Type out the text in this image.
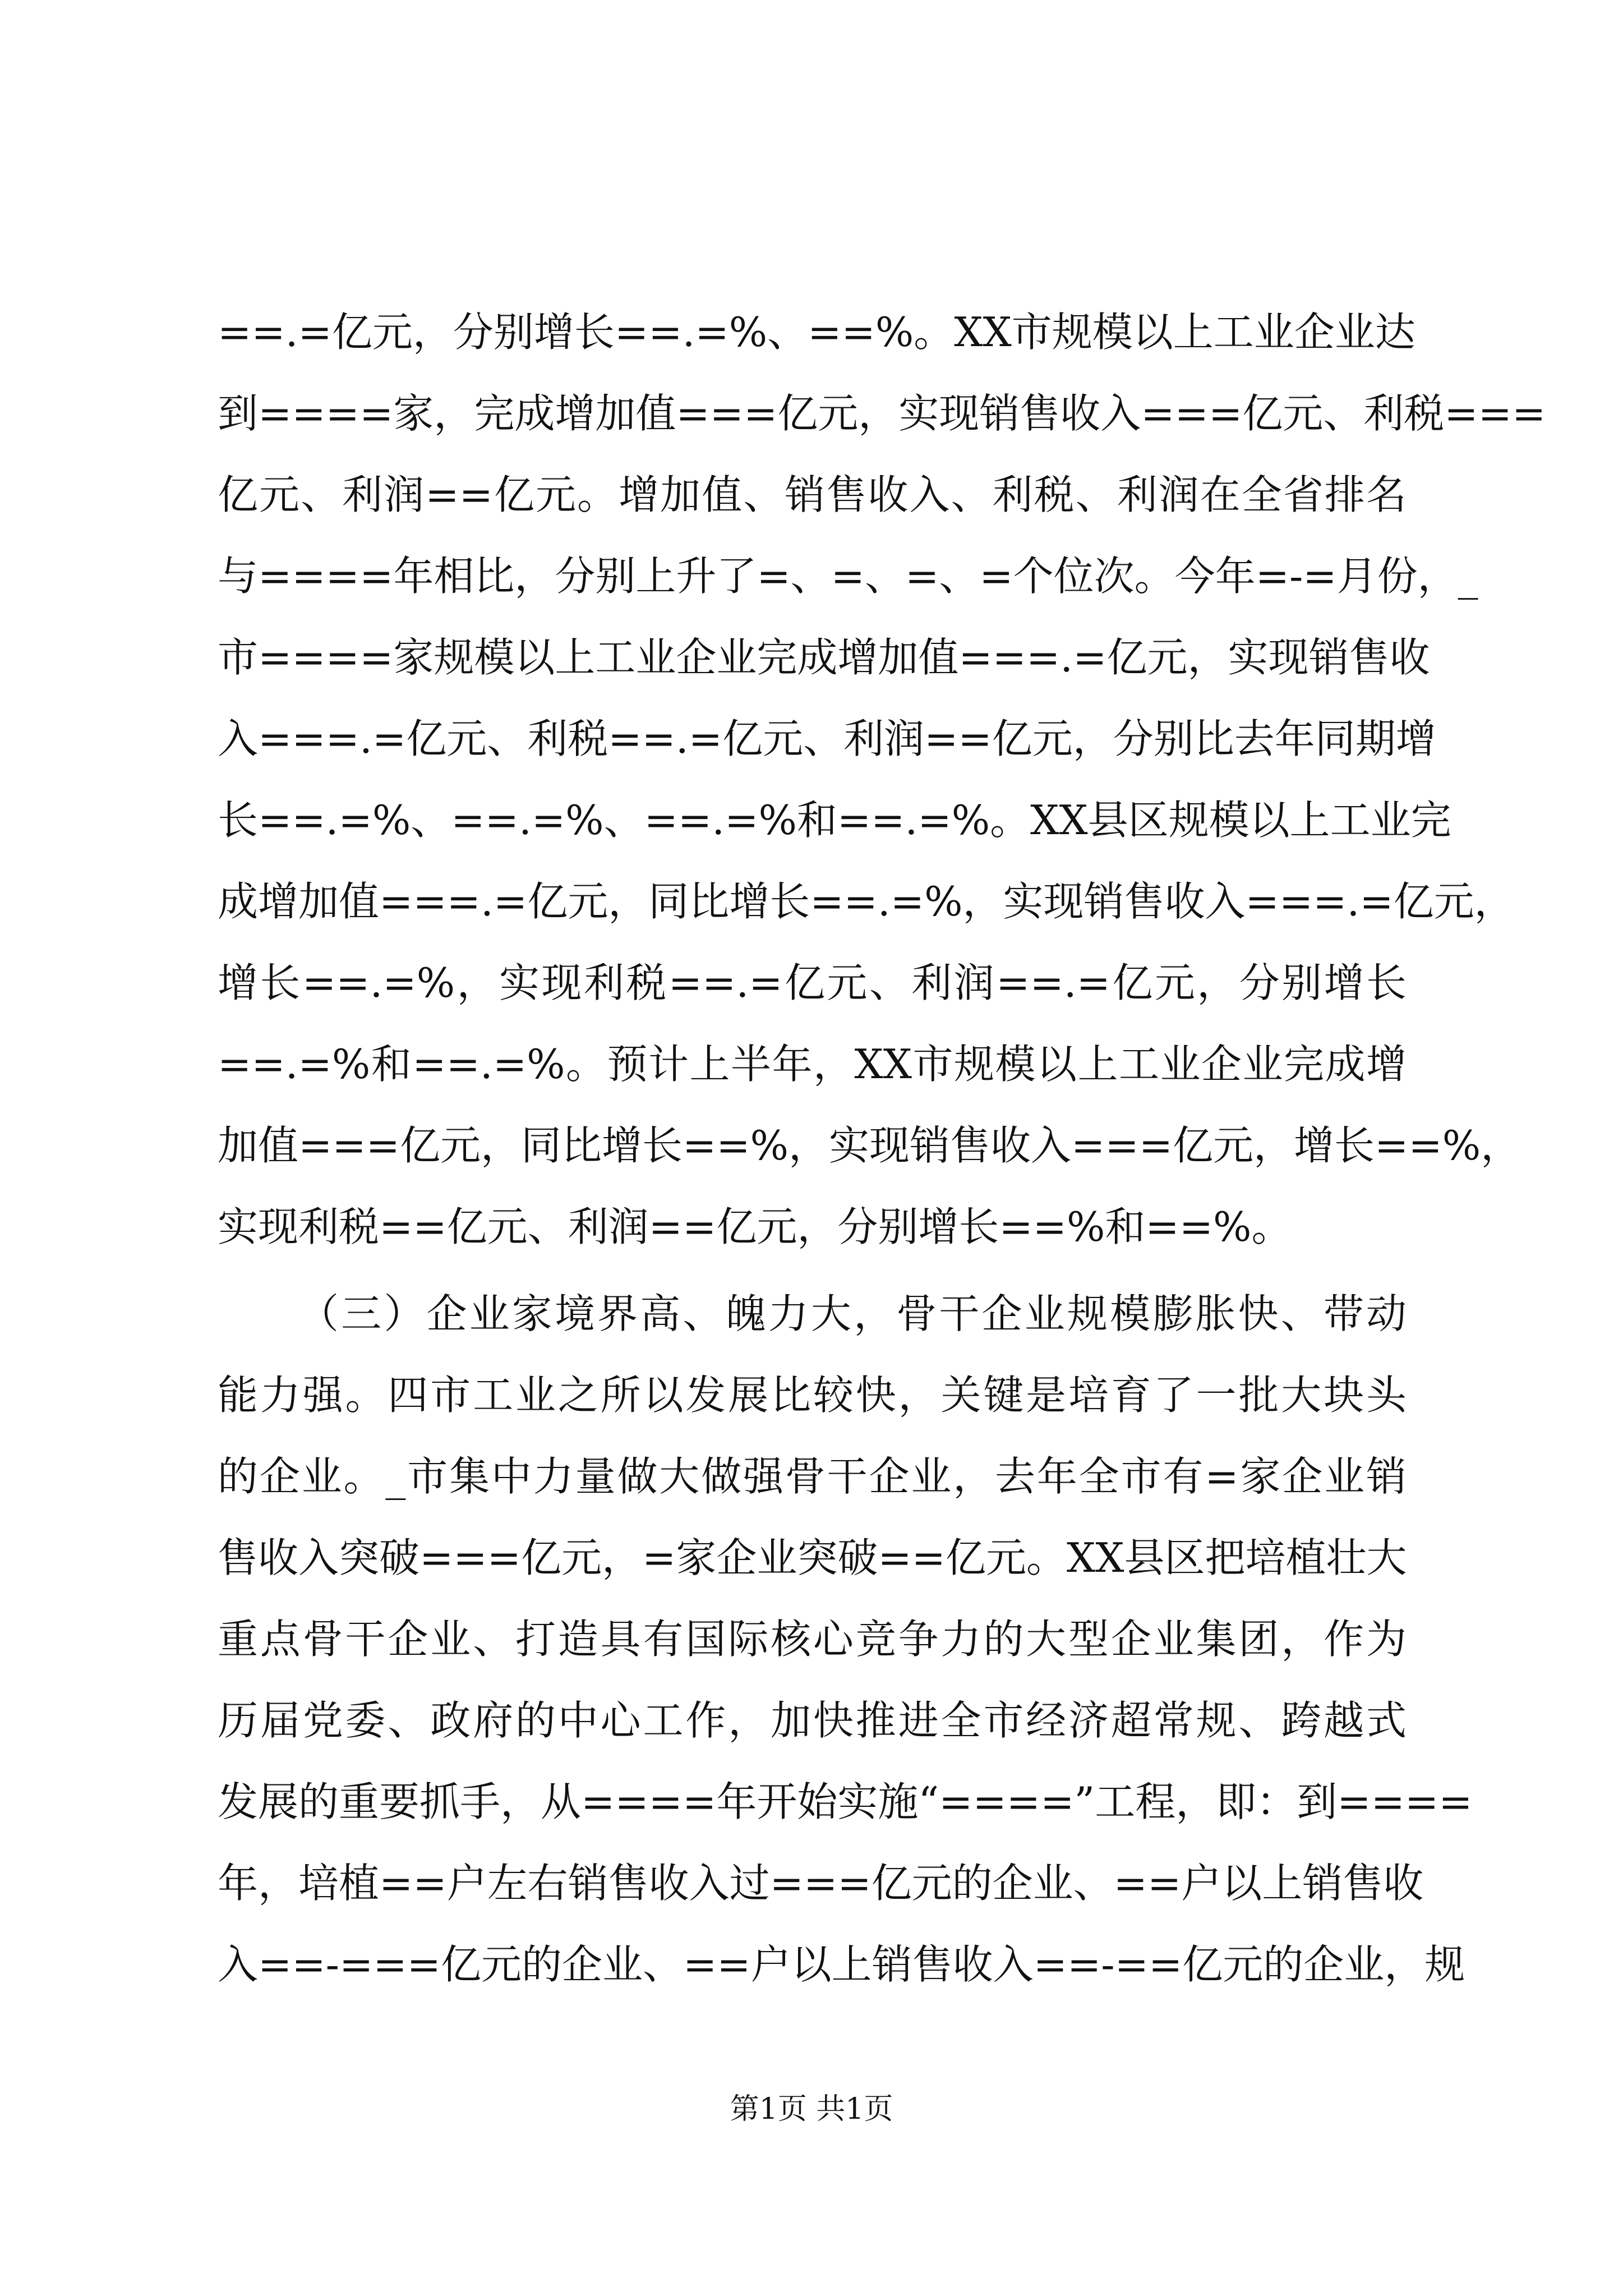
==.=亿元，分别增长==.=%、==%。XX市规模以上工业企业达
到====家，完成增加值===亿元，实现销售收入===亿元、利税===
亿元、利润==亿元。增加值、销售收入、利税、利润在全省排名
与====年相比，分别上升了=、=、=、=个位次。今年=-=月份，_
市====家规模以上工业企业完成增加值===.=亿元，实现销售收
入===.=亿元、利税==.=亿元、利润==亿元，分别比去年同期增
长==.=%、==.=%、==.=%和==.=%。XX县区规模以上工业完
成增加值===.=亿元，同比增长==.=%，实现销售收入===.=亿元，
增长==.=%，实现利税==.=亿元、利润==.=亿元，分别增长
==.=%和==.=%。预计上半年，XX市规模以上工业企业完成增
加值===亿元，同比增长==%，实现销售收入===亿元，增长==%，
实现利税==亿元、利润==亿元，分别增长==%和==%。
（三）企业家境界高、魄力大，骨干企业规模膨胀快、带动
能力强。四市工业之所以发展比较快，关键是培育了一批大块头
的企业。_市集中力量做大做强骨干企业，去年全市有=家企业销
售收入突破===亿元，=家企业突破==亿元。XX县区把培植壮大
重点骨干企业、打造具有国际核心竞争力的大型企业集团，作为
历届党委、政府的中心工作，加快推进全市经济超常规、跨越式
发展的重要抓手，从====年开始实施“====”工程，即：到====
年，培植==户左右销售收入过===亿元的企业、==户以上销售收
入==-===亿元的企业、==户以上销售收入==-==亿元的企业，规
第1页 共1页
